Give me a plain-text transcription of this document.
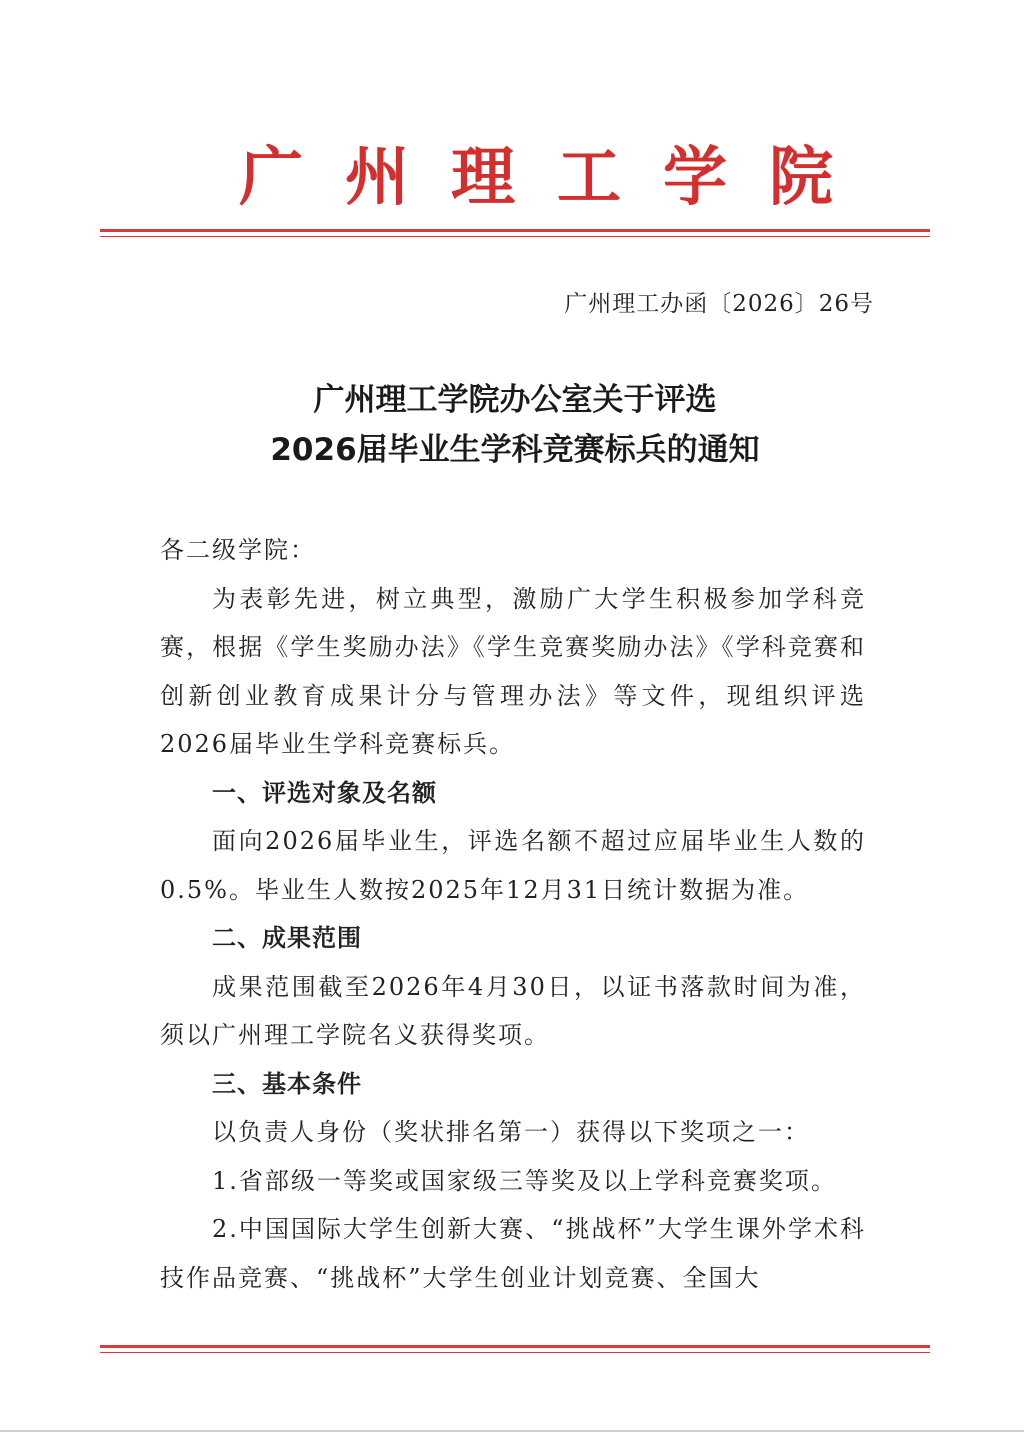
广州理工学院
广州理工办函〔2026〕26号
广州理工学院办公室关于评选
2026届毕业生学科竞赛标兵的通知

各二级学院：

为表彰先进，树立典型，激励广大学生积极参加学科竞赛，根据《学生奖励办法》《学生竞赛奖励办法》《学科竞赛和创新创业教育成果计分与管理办法》等文件，现组织评选2026届毕业生学科竞赛标兵。

一、评选对象及名额

面向2026届毕业生，评选名额不超过应届毕业生人数的0.5%。毕业生人数按2025年12月31日统计数据为准。

二、成果范围

成果范围截至2026年4月30日，以证书落款时间为准，须以广州理工学院名义获得奖项。

三、基本条件

以负责人身份（奖状排名第一）获得以下奖项之一：

1.省部级一等奖或国家级三等奖及以上学科竞赛奖项。

2.中国国际大学生创新大赛、“挑战杯”大学生课外学术科技作品竞赛、“挑战杯”大学生创业计划竞赛、全国大
